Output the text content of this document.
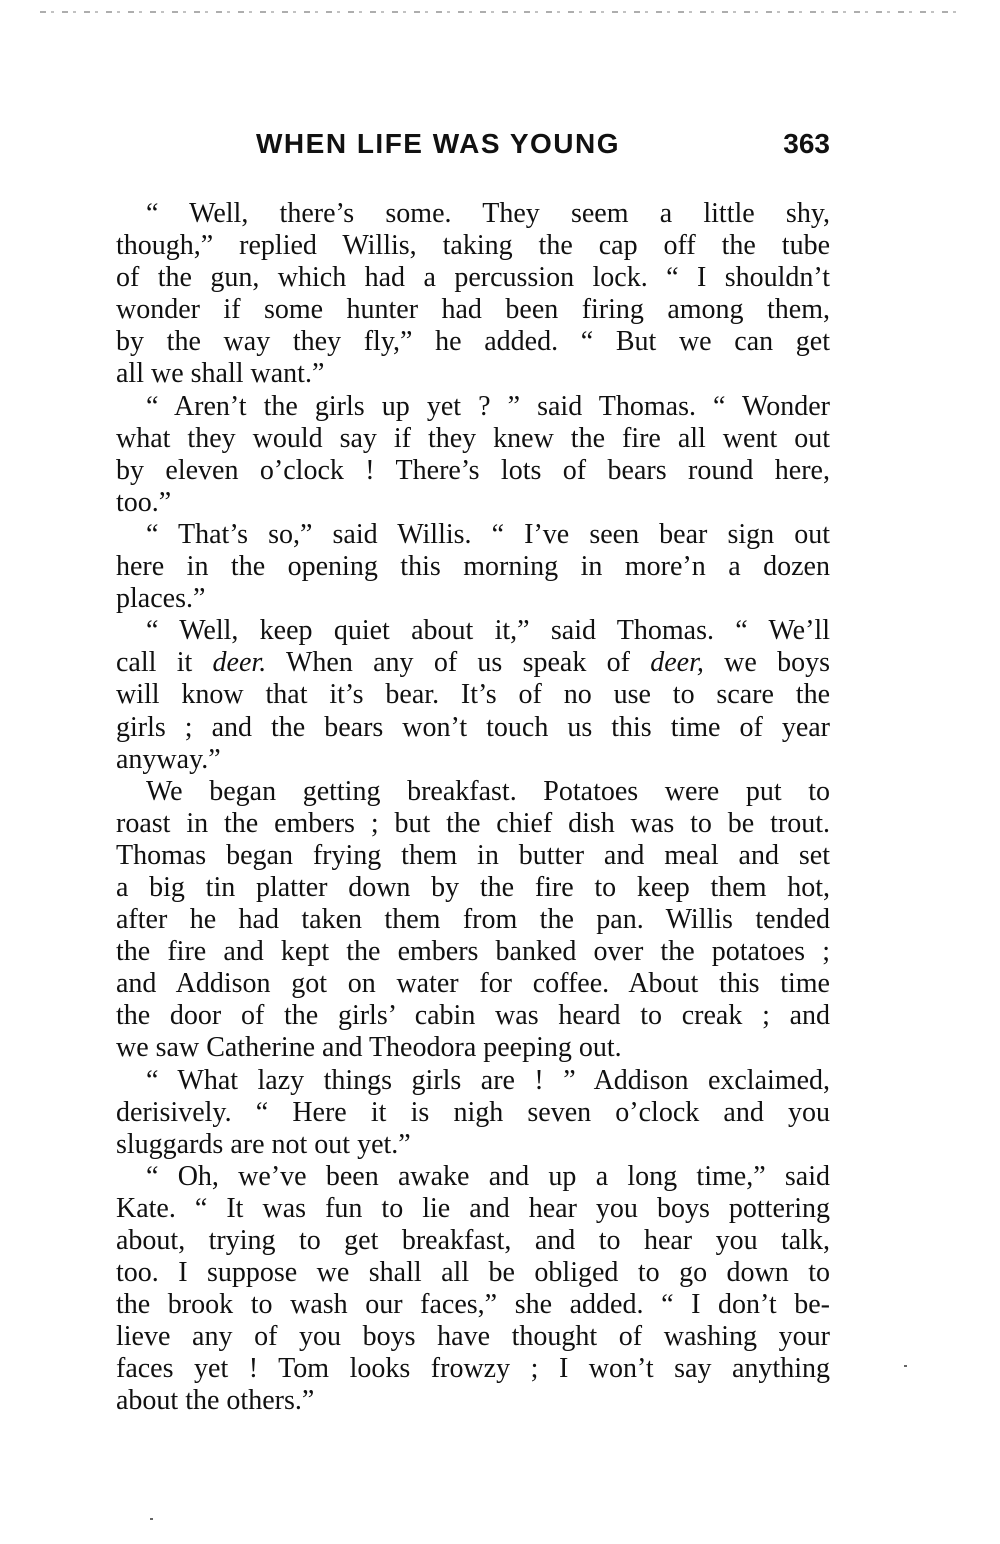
WHEN LIFE WAS YOUNG	363
“ Well, there’s some. They seem a little shy,
though,” replied Willis, taking the cap off the tube
of the gun, which had a percussion lock. “ I shouldn’t
wonder if some hunter had been firing among them,
by the way they fly,” he added. “ But we can get
all we shall want.”
“ Aren’t the girls up yet ? ” said Thomas. “ Wonder
what they would say if they knew the fire all went out
by eleven o’clock ! There’s lots of bears round here,
too.”
“ That’s so,” said Willis. “ I’ve seen bear sign out
here in the opening this morning in more’n a dozen
places.”
“ Well, keep quiet about it,” said Thomas. “ We’ll
call it deer. When any of us speak of deer, we boys
will know that it’s bear. It’s of no use to scare the
girls ; and the bears won’t touch us this time of year
anyway.”
We began getting breakfast. Potatoes were put to
roast in the embers ; but the chief dish was to be trout.
Thomas began frying them in butter and meal and set
a big tin platter down by the fire to keep them hot,
after he had taken them from the pan. Willis tended
the fire and kept the embers banked over the potatoes ;
and Addison got on water for coffee. About this time
the door of the girls’ cabin was heard to creak ; and
we saw Catherine and Theodora peeping out.
“ What lazy things girls are ! ” Addison exclaimed,
derisively. “ Here it is nigh seven o’clock and you
sluggards are not out yet.”
“ Oh, we’ve been awake and up a long time,” said
Kate. “ It was fun to lie and hear you boys pottering
about, trying to get breakfast, and to hear you talk,
too. I suppose we shall all be obliged to go down to
the brook to wash our faces,” she added. “ I don’t be-
lieve any of you boys have thought of washing your
faces yet ! Tom looks frowzy ; I won’t say anything
about the others.”
